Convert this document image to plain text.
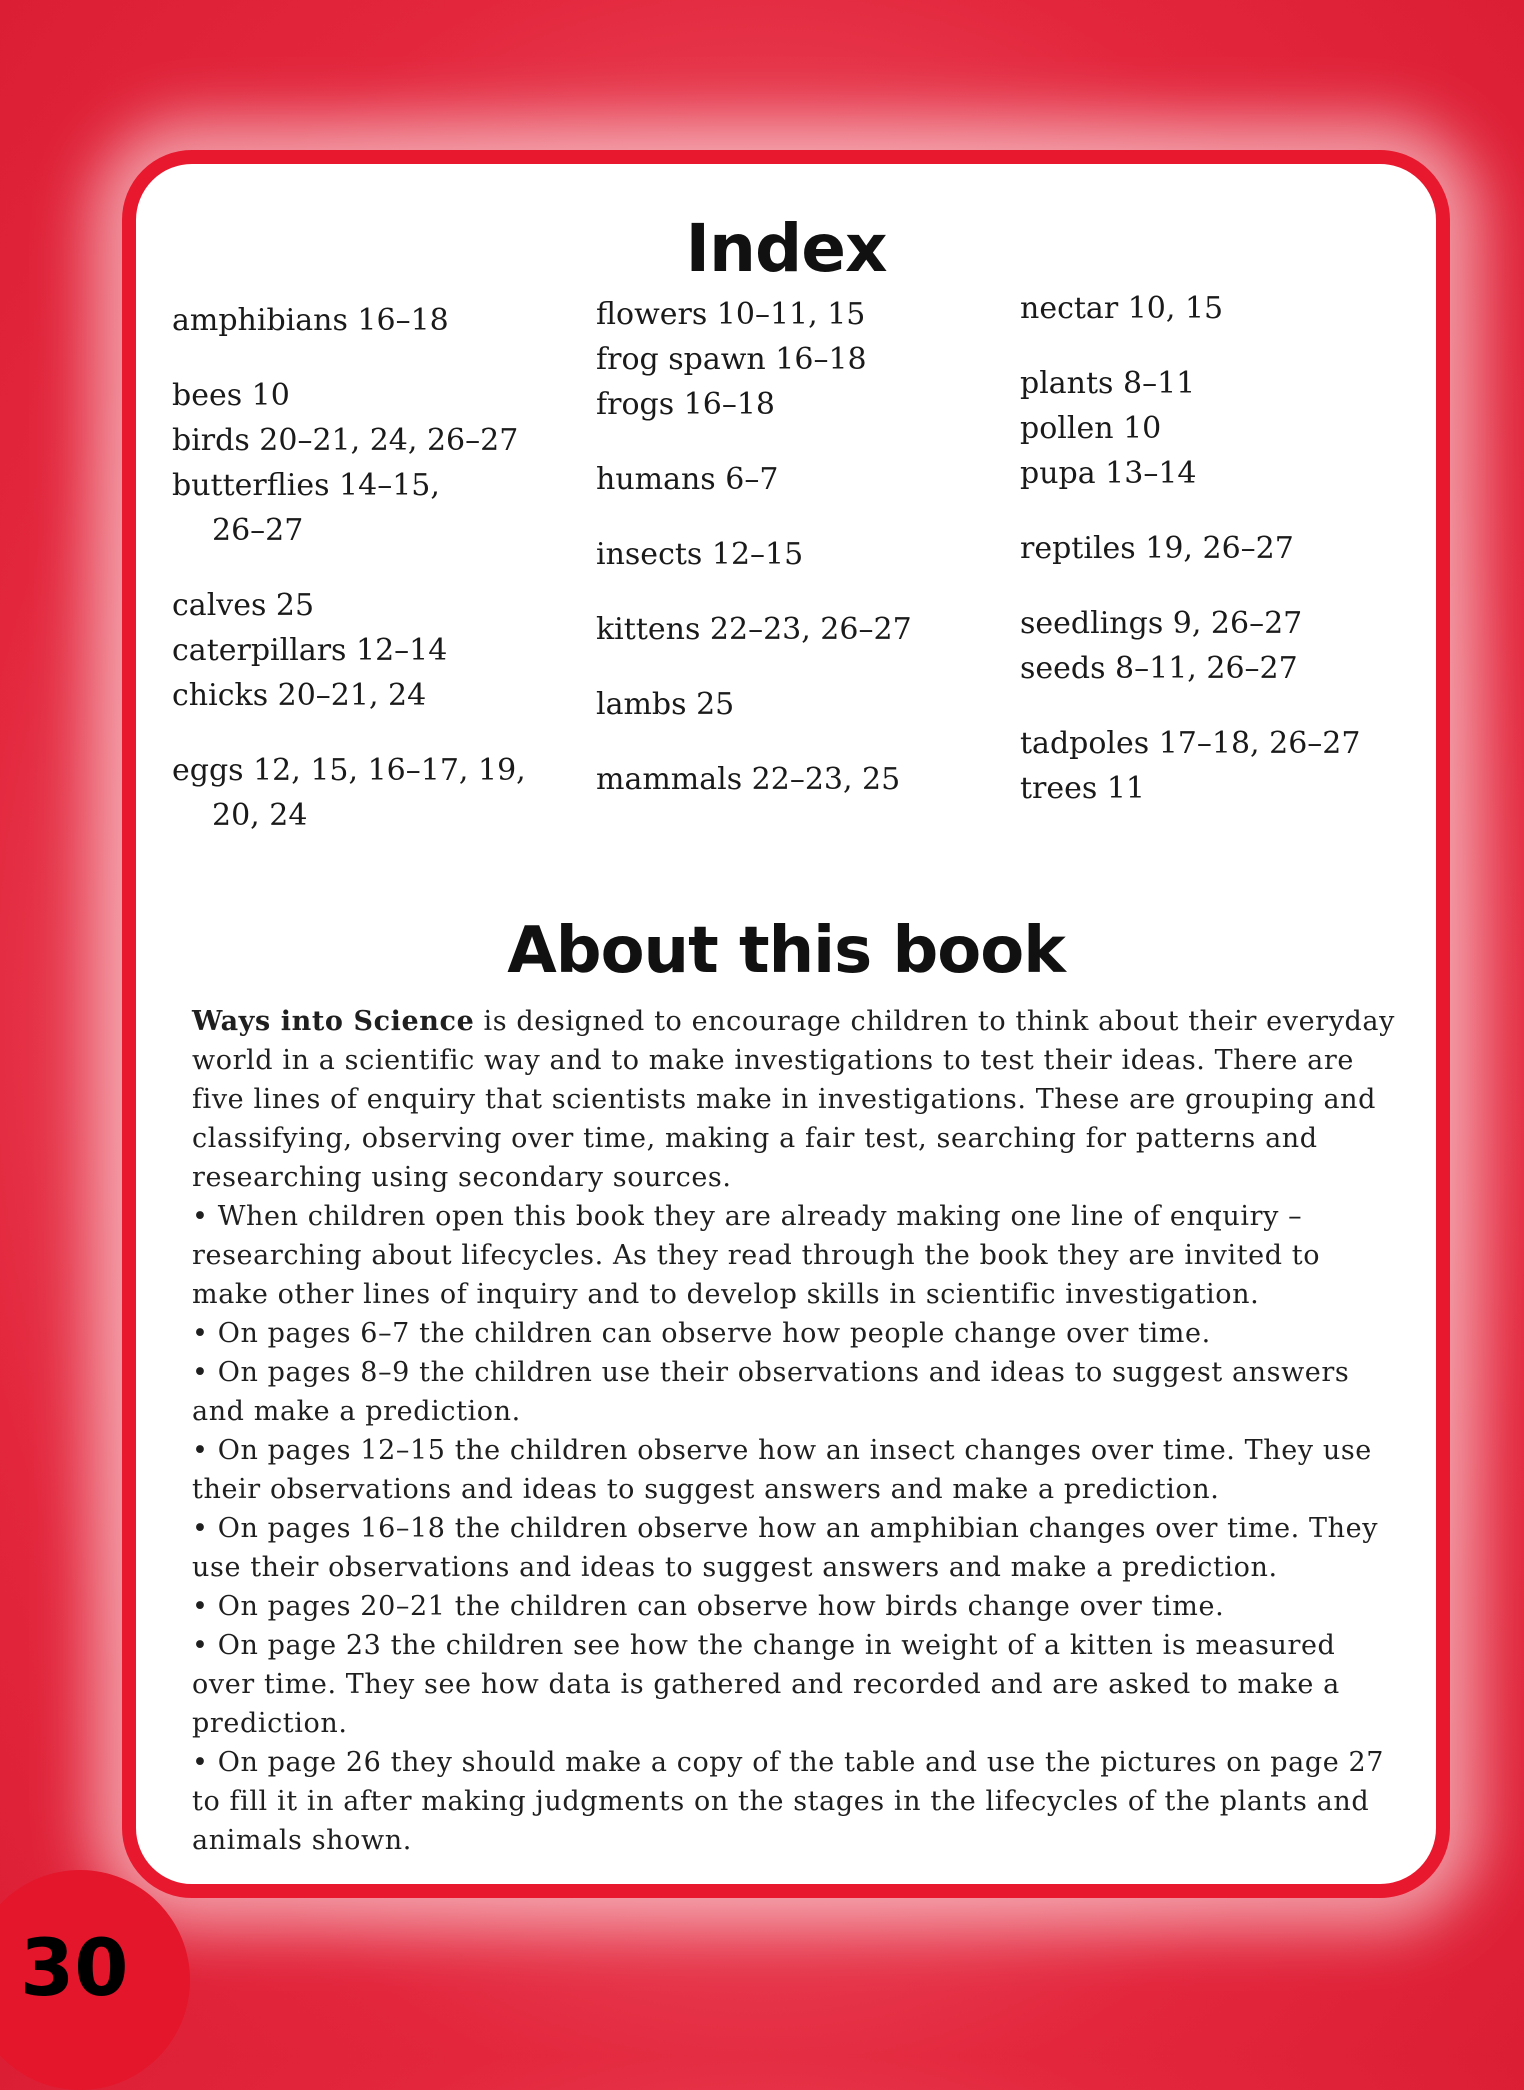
Index
amphibians 16–18
bees 10
birds 20–21, 24, 26–27
butterflies 14–15,
26–27
calves 25
caterpillars 12–14
chicks 20–21, 24
eggs 12, 15, 16–17, 19,
20, 24
flowers 10–11, 15
frog spawn 16–18
frogs 16–18
humans 6–7
insects 12–15
kittens 22–23, 26–27
lambs 25
mammals 22–23, 25
nectar 10, 15
plants 8–11
pollen 10
pupa 13–14
reptiles 19, 26–27
seedlings 9, 26–27
seeds 8–11, 26–27
tadpoles 17–18, 26–27
trees 11
About this book

Ways into Science is designed to encourage children to think about their everyday world in a scientific way and to make investigations to test their ideas. There are five lines of enquiry that scientists make in investigations. These are grouping and classifying, observing over time, making a fair test, searching for patterns and researching using secondary sources.

• When children open this book they are already making one line of enquiry – researching about lifecycles. As they read through the book they are invited to make other lines of inquiry and to develop skills in scientific investigation.

• On pages 6–7 the children can observe how people change over time.

• On pages 8–9 the children use their observations and ideas to suggest answers and make a prediction.

• On pages 12–15 the children observe how an insect changes over time. They use their observations and ideas to suggest answers and make a prediction.

• On pages 16–18 the children observe how an amphibian changes over time. They use their observations and ideas to suggest answers and make a prediction.

• On pages 20–21 the children can observe how birds change over time.

• On page 23 the children see how the change in weight of a kitten is measured over time. They see how data is gathered and recorded and are asked to make a prediction.

• On page 26 they should make a copy of the table and use the pictures on page 27 to fill it in after making judgments on the stages in the lifecycles of the plants and animals shown.

30
